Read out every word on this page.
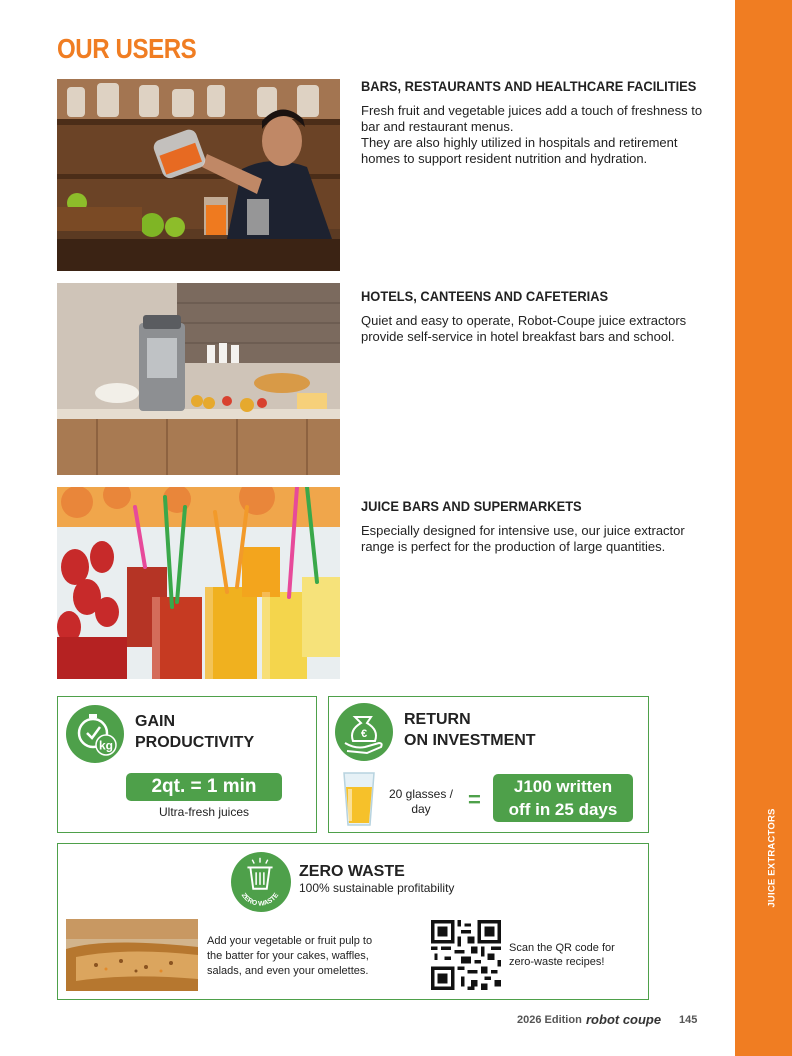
JUICE EXTRACTORS
OUR USERS
BARS, RESTAURANTS AND HEALTHCARE FACILITIES

Fresh fruit and vegetable juices add a touch of freshness to bar and restaurant menus.

They are also highly utilized in hospitals and retirement homes to support resident nutrition and hydration.

HOTELS, CANTEENS AND CAFETERIAS

Quiet and easy to operate, Robot-Coupe juice extractors provide self-service in hotel breakfast bars and school.

JUICE BARS AND SUPERMARKETS

Especially designed for intensive use, our juice extractor range is perfect for the production of large quantities.

kg
GAIN
PRODUCTIVITY
2qt. = 1 min
Ultra-fresh juices
€
RETURN
ON INVESTMENT
20 glasses /
day	=
J100 written
off in 25 days
ZERO WASTE
ZERO WASTE
100% sustainable profitability
Add your vegetable or fruit pulp to
the batter for your cakes, waffles,
salads, and even your omelettes.
Scan the QR code for
zero-waste recipes!
2026 Edition robot coupe 145
